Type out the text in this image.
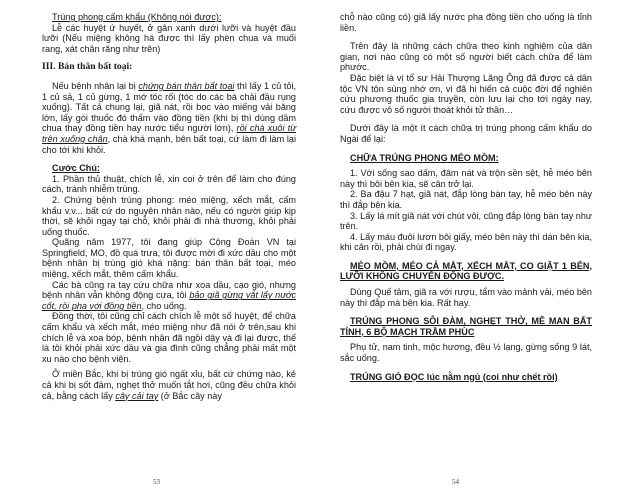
Trúng phong cấm khẩu (Không nói được):

Lễ các huyệt ứ huyết, ở gân xanh dưới lưỡi và huyệt đầu lưỡi (Nếu miệng không há được thì lấy phèn chua và muối rang, xát chân răng như trên)

III. Bán thân bất toại:

Nếu bệnh nhân lại bị chứng bán thân bất toại thì lấy 1 củ tỏi, 1 củ sả, 1 củ gừng, 1 mớ tóc rối (tóc do các bà chải đầu rụng xuống). Tất cả chung lại, giã nát, rồi bọc vào miếng vải băng lớn, lấy gói thuốc đó thấm vào đồng tiền (khi bị thì dùng dầm chua thay đồng tiền hay nước tiểu người lớn), rồi chà xuôi từ trên xuống chân, chà khá mạnh, bên bất toại, cứ làm đi làm lại cho tới khi khỏi.

Cước Chú:

1. Phần thủ thuật, chích lễ, xin coi ở trên để làm cho đúng cách, tránh nhiễm trùng.

2. Chứng bệnh trúng phong: méo miệng, xếch mắt, cấm khẩu v.v... bất cứ do nguyên nhân nào, nếu có người giúp kịp thời, sẽ khỏi ngay tại chỗ, khỏi phải đi nhà thương, khỏi phải uống thuốc.

Quãng năm 1977, tôi đang giúp Cộng Đoàn VN tại Springfield, MO, đồ quá trưa, tôi được mời đi xức dầu cho một bệnh nhân bị trúng gió khá nặng: bán thân bất toại, méo miệng, xếch mắt, thêm cấm khẩu.

Các bà cũng ra tay cứu chữa như xoa dầu, cạo gió, nhưng bệnh nhân vẫn không động cựa, tôi bảo giã gừng vắt lấy nước cốt, rồi pha với đồng tiền, cho uống.

Đồng thời, tôi cũng chỉ cách chích lễ một số huyệt, để chữa cấm khẩu và xếch mắt, méo miệng như đã nói ở trên,sau khi chích lễ và xoa bóp, bệnh nhân đã ngồi dậy và đi lại được, thế là tôi khỏi phải xức dầu và gia đình cũng chẳng phải mất một xu nào cho bệnh viện.

Ở miền Bắc, khi bị trúng gió ngất xỉu, bất cứ chứng nào, kẻ cả khi bị sốt đảm, nghẹt thở muốn tắt hơi, cũng đều chữa khỏi cả, bằng cách lấy cây cải tay (ở Bắc cây này

53

chỗ nào cũng có) giã lấy nước pha đồng tiền cho uống là tỉnh liền.

Trên đây là những cách chữa theo kinh nghiệm của dân gian, nơi nào cũng có một số người biết cách chữa để làm phước.

Đặc biệt là vị tổ sư Hải Thượng Lãng Ông đã được cả dân tộc VN tôn sùng nhớ ơn, vì đã hi hiến cả cuộc đời để nghiên cứu phương thuốc gia truyền, còn lưu lại cho tới ngày nay, cứu được vô số người thoát khỏi tử thần…

Dưới đây là một ít cách chữa trị trúng phong cấm khẩu do Ngài để lại:

CHỮA TRÚNG PHONG MÉO MỒM:

1. Với sống sao dấm, đâm nát và trộn sền sệt, hễ méo bên này thì bôi bên kia, sẽ cân trở lại.

2. Ba đậu 7 hạt, giã nát, đắp lòng bàn tay, hễ méo bên này thì đắp bên kia.

3. Lấy lá mít giã nát với chút vôi, cũng đắp lòng bàn tay như trên.

4. Lấy máu đuôi lươn bôi giấy, méo bên này thì dán bên kia, khi cân rồi, phải chùi đi ngay.

MÉO MỒM, MÉO CẢ MẮT, XẾCH MẮT, CO GIẬT 1 BÊN, LƯỠI KHÔNG CHUYỂN ĐỘNG ĐƯỢC.

Dùng Quế tâm, giã ra với rượu, tẩm vào mảnh vải, méo bên này thì đắp mà bên kia. Rất hay.

TRÚNG PHONG SÔI ĐÀM, NGHẸT THỞ, MÊ MAN BẤT TỈNH, 6 BỘ MẠCH TRẦM PHÙC

Phụ tử, nam tinh, mộc hương, đều ½ lạng, gừng sống 9 lát, sắc uống.

TRÚNG GIÓ ĐỌC lúc nằm ngủ (coi như chết rồi)

54
